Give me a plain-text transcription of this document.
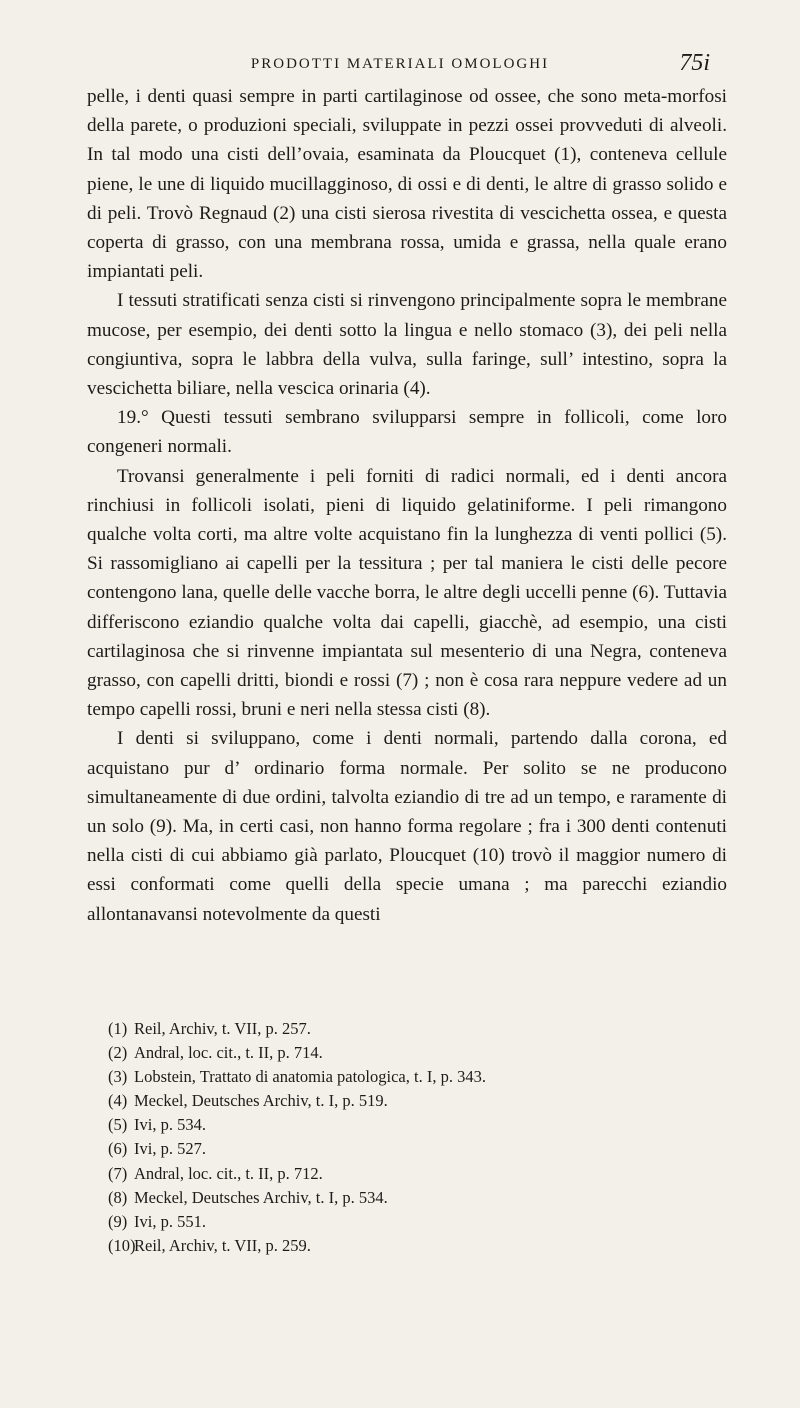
PRODOTTI MATERIALI OMOLOGHI	75i

pelle, i denti quasi sempre in parti cartilaginose od ossee, che sono meta-morfosi della parete, o produzioni speciali, sviluppate in pezzi ossei provveduti di alveoli. In tal modo una cisti dell’ovaia, esaminata da Ploucquet (1), conteneva cellule piene, le une di liquido mucillagginoso, di ossi e di denti, le altre di grasso solido e di peli. Trovò Regnaud (2) una cisti sierosa rivestita di vescichetta ossea, e questa coperta di grasso, con una membrana rossa, umida e grassa, nella quale erano impiantati peli.

I tessuti stratificati senza cisti si rinvengono principalmente sopra le membrane mucose, per esempio, dei denti sotto la lingua e nello stomaco (3), dei peli nella congiuntiva, sopra le labbra della vulva, sulla faringe, sull’ intestino, sopra la vescichetta biliare, nella vescica orinaria (4).

19.° Questi tessuti sembrano svilupparsi sempre in follicoli, come loro congeneri normali.

Trovansi generalmente i peli forniti di radici normali, ed i denti ancora rinchiusi in follicoli isolati, pieni di liquido gelatiniforme. I peli rimangono qualche volta corti, ma altre volte acquistano fin la lunghezza di venti pollici (5). Si rassomigliano ai capelli per la tessitura ; per tal maniera le cisti delle pecore contengono lana, quelle delle vacche borra, le altre degli uccelli penne (6). Tuttavia differiscono eziandio qualche volta dai capelli, giacchè, ad esempio, una cisti cartilaginosa che si rinvenne impiantata sul mesenterio di una Negra, conteneva grasso, con capelli dritti, biondi e rossi (7) ; non è cosa rara neppure vedere ad un tempo capelli rossi, bruni e neri nella stessa cisti (8).

I denti si sviluppano, come i denti normali, partendo dalla corona, ed acquistano pur d’ ordinario forma normale. Per solito se ne producono simultaneamente di due ordini, talvolta eziandio di tre ad un tempo, e raramente di un solo (9). Ma, in certi casi, non hanno forma regolare ; fra i 300 denti contenuti nella cisti di cui abbiamo già parlato, Ploucquet (10) trovò il maggior numero di essi conformati come quelli della specie umana ; ma parecchi eziandio allontanavansi notevolmente da questi

(1) Reil, Archiv, t. VII, p. 257.
(2) Andral, loc. cit., t. II, p. 714.
(3) Lobstein, Trattato di anatomia patologica, t. I, p. 343.
(4) Meckel, Deutsches Archiv, t. I, p. 519.
(5) Ivi, p. 534.
(6) Ivi, p. 527.
(7) Andral, loc. cit., t. II, p. 712.
(8) Meckel, Deutsches Archiv, t. I, p. 534.
(9) Ivi, p. 551.
(10)
Reil, Archiv, t. VII, p. 259.
